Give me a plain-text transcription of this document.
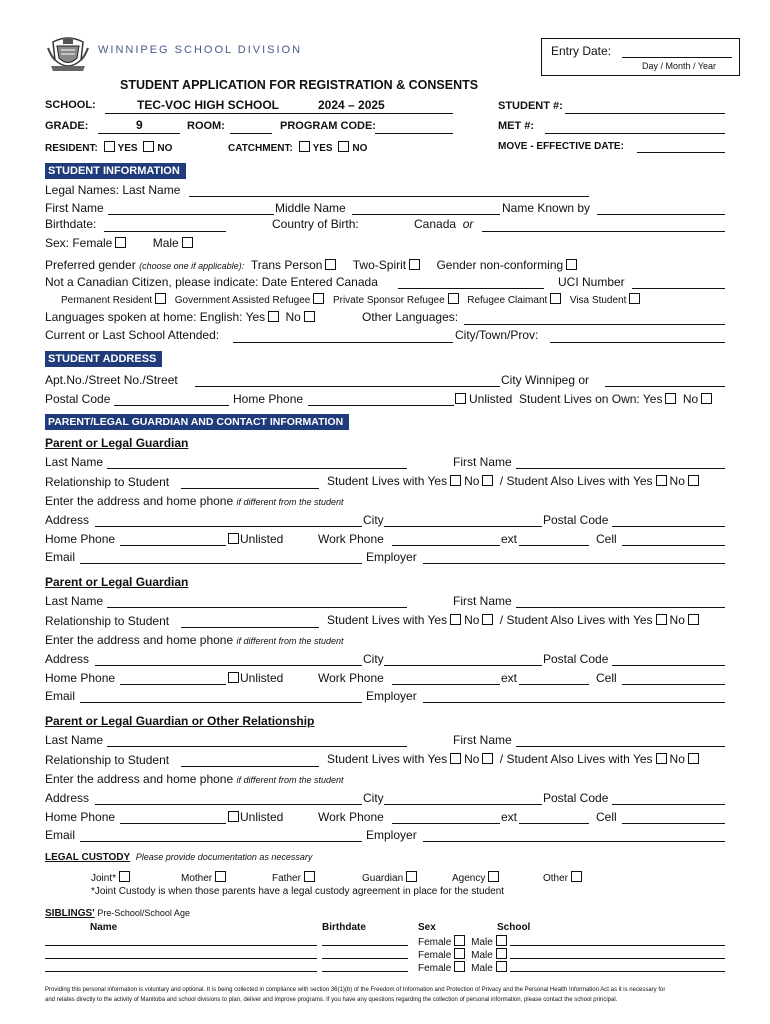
WINNIPEG SCHOOL DIVISION	Entry Date:
Day / Month / Year
STUDENT APPLICATION FOR REGISTRATION & CONSENTS
SCHOOL:	TEC-VOC HIGH SCHOOL	2024 – 2025
GRADE:	9	ROOM:	PROGRAM CODE:
RESIDENT: YES NO	CATCHMENT: YES NO
STUDENT #:
MET #:
MOVE - EFFECTIVE DATE:
STUDENT INFORMATION
Legal Names: Last Name
First Name	Middle Name	Name Known by
Birthdate:	Country of Birth:	Canada or
Sex: Female	Male
Preferred gender (choose one if applicable): Trans Person	Two-Spirit	Gender non-conforming
Not a Canadian Citizen, please indicate: Date Entered Canada	UCI Number
Permanent Resident Government Assisted Refugee Private Sponsor Refugee Refugee Claimant Visa Student
Languages spoken at home: English: Yes No	Other Languages:
Current or Last School Attended:	City/Town/Prov:
STUDENT ADDRESS
Apt.No./Street No./Street	City Winnipeg or
Postal Code	Home Phone	Unlisted Student Lives on Own: Yes No
PARENT/LEGAL GUARDIAN AND CONTACT INFORMATION
Parent or Legal Guardian
Last Name	First Name
Relationship to Student	Student Lives with Yes No / Student Also Lives with Yes No
Enter the address and home phone if different from the student
Address	City	Postal Code
Home Phone	Unlisted	Work Phone	ext	Cell
Email	Employer
Parent or Legal Guardian
Last Name	First Name
Relationship to Student	Student Lives with Yes No / Student Also Lives with Yes No
Enter the address and home phone if different from the student
Address	City	Postal Code
Home Phone	Unlisted	Work Phone	ext	Cell
Email	Employer
Parent or Legal Guardian or Other Relationship
Last Name	First Name
Relationship to Student	Student Lives with Yes No / Student Also Lives with Yes No
Enter the address and home phone if different from the student
Address	City	Postal Code
Home Phone	Unlisted	Work Phone	ext	Cell
Email	Employer
LEGAL CUSTODY Please provide documentation as necessary
Joint*	Mother	Father	Guardian	Agency	Other
*Joint Custody is when those parents have a legal custody agreement in place for the student
SIBLINGS' Pre-School/School Age
Name	Birthdate	Sex	School
Female Male
Female Male
Female Male
Providing this personal information is voluntary and optional. It is being collected in compliance with section 36(1)(b) of the Freedom of Information and Protection of Privacy and the Personal Health Information Act as it is necessary for
and relates directly to the activity of Manitoba and school divisions to plan, deliver and improve programs. If you have any questions regarding the collection of personal information, please contact the school principal.
